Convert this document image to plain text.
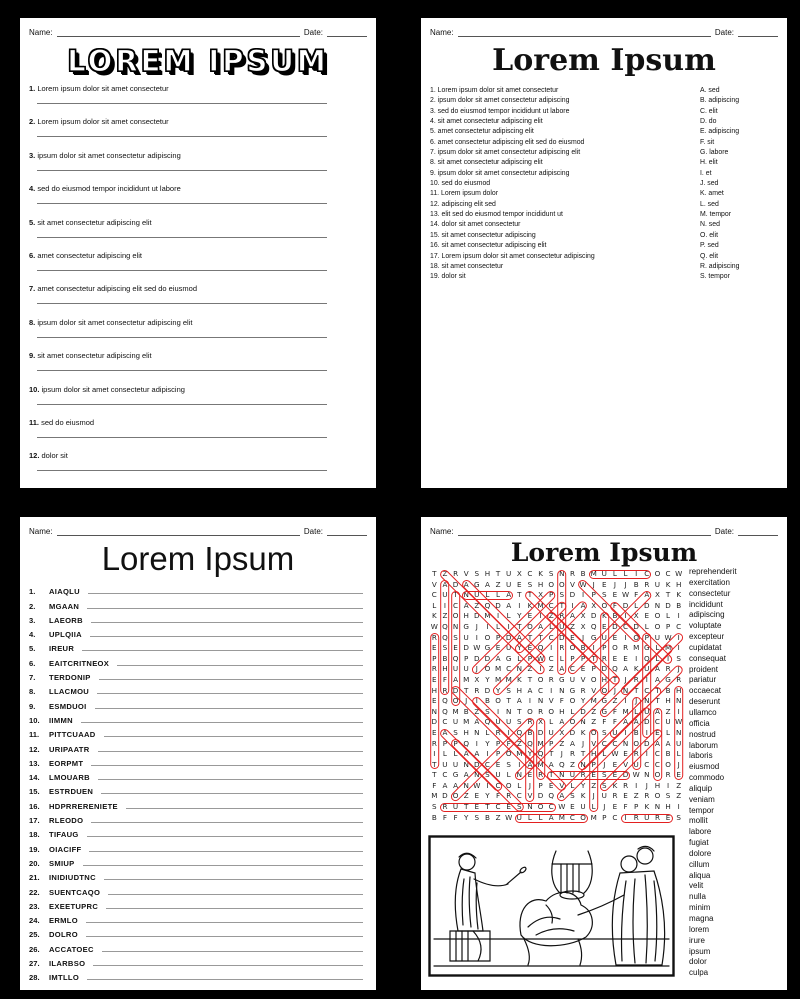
Name:	Date:
LOREM IPSUM
1. Lorem ipsum dolor sit amet consectetur
2. Lorem ipsum dolor sit amet consectetur
3. ipsum dolor sit amet consectetur adipiscing
4. sed do eiusmod tempor incididunt ut labore
5. sit amet consectetur adipiscing elit
6. amet consectetur adipiscing elit
7. amet consectetur adipiscing elit sed do eiusmod
8. ipsum dolor sit amet consectetur adipiscing elit
9. sit amet consectetur adipiscing elit
10. ipsum dolor sit amet consectetur adipiscing
11. sed do eiusmod
12. dolor sit
Name:	Date:
Lorem Ipsum
1. Lorem ipsum dolor sit amet consectetur
2. ipsum dolor sit amet consectetur adipiscing
3. sed do eiusmod tempor incididunt ut labore
4. sit amet consectetur adipiscing elit
5. amet consectetur adipiscing elit
6. amet consectetur adipiscing elit sed do eiusmod
7. ipsum dolor sit amet consectetur adipiscing elit
8. sit amet consectetur adipiscing elit
9. ipsum dolor sit amet consectetur adipiscing
10. sed do eiusmod
11. Lorem ipsum dolor
12. adipiscing elit sed
13. elit sed do eiusmod tempor incididunt ut
14. dolor sit amet consectetur
15. sit amet consectetur adipiscing
16. sit amet consectetur adipiscing elit
17. Lorem ipsum dolor sit amet consectetur adipiscing
18. sit amet consectetur
19. dolor sit
A. sed
B. adipiscing
C. elit
D. do
E. adipiscing
F. sit
G. labore
H. elit
I. et
J. sed
K. amet
L. sed
M. tempor
N. sed
O. elit
P. sed
Q. elit
R. adipiscing
S. tempor
Name:	Date:
Lorem Ipsum
1.	AIAQLU
2.	MGAAN
3.	LAEORB
4.	UPLQIIA
5.	IREUR
6.	EAITCRITNEOX
7.	TERDONIP
8.	LLACMOU
9.	ESMDUOI
10.	IIMMN
11.	PITTCUAAD
12.	URIPAATR
13.	EORPMT
14.	LMOUARB
15.	ESTRDUEN
16.	HDPRRERENIETE
17.	RLEODO
18.	TIFAUG
19.	OIACIFF
20.	SMIUP
21.	INIDIUDTNC
22.	SUENTCAQO
23.	EXEETUPRC
24.	ERMLO
25.	DOLRO
26.	ACCATOEC
27.	ILARBSO
28.	IMTLLO
Name:	Date:
Lorem Ipsum
T Z R V S H T U X C K S N R B M U L L	I C O C W
V A D A G A Z U E S H O O V W J	E	J	J B R U K H
C U T N U L L A T T X P S D I	P S E W F A X T K
L	I C A Z Q D A I	K M C T	I A X O F D L D N D B
K Z O H D M I	L Y E	I Z R A X D K B I X E O L	I
W Q N G J	I	L	I	T O A L U Z X Q E D C D L O P C
R Q S U I O P D A T T C D E	J G U E	I O P U W I
E S E D W G E U Y E Q I R O B I	P O R M G L M I
P B Q P D D A G L P W C L P P T R E E	I Q L	I	S
R H U U J O M C N Z I Z A C E P D Q A K U A R J
E F A M X Y M M K T O R G U V O H T	J R I A G R
H R D T R D Y S H A C I N G R V O J N T C T B H
E Q O J	I B O T A I N V F O Y M G Z I	J N T H N
N Q M B Z S	I N T O R O H L D Z G F M L U A Z I
D C U M A Q U U S R X L A O N Z F F A A D C U W
E A S H N L R I Q B D U X D K O S U I B I	E L N
R P P Q I	Y P F Z Q M P Z A J V C C N O D A A U
I	L L A A I	P O M Y Q T	J R T H L W E R I C B L
T U U N D C E S	I A M A Q Z N P	J	E V U C C O J
T C G A N S U L N E R T N U R E S E D W N O R E
F A A N W I C O L	J	P E V L Y Z S K R I	J H I Z
M D O Z E Y F R C V D Q A S K	J U R E Z R O S Z
S R U T E T C E S N O C W E U L	J	E F P K N H I
B F F Y S B Z W U L L A M C O M P C I R U R E S
reprehenderit
exercitation
consectetur
incididunt
adipiscing
voluptate
excepteur
cupidatat
consequat
proident
pariatur
occaecat
deserunt
ullamco
officia
nostrud
laborum
laboris
eiusmod
commodo
aliquip
veniam
tempor
mollit
labore
fugiat
dolore
cillum
aliqua
velit
nulla
minim
magna
lorem
irure
ipsum
dolor
culpa
